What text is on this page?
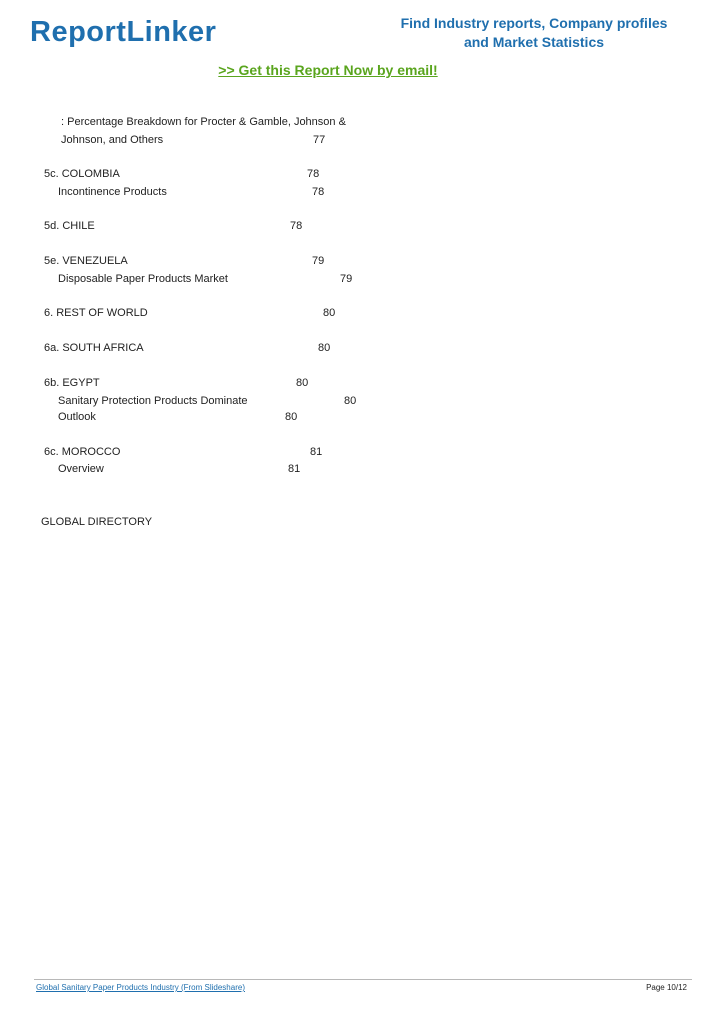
ReportLinker	Find Industry reports, Company profiles
and Market Statistics
>> Get this Report Now by email!
: Percentage Breakdown for Procter & Gamble, Johnson &
Johnson, and Others	77
5c. COLOMBIA	78
Incontinence Products	78
5d. CHILE	78
5e. VENEZUELA	79
Disposable Paper Products Market	79
6. REST OF WORLD	80
6a. SOUTH AFRICA	80
6b. EGYPT	80
Sanitary Protection Products Dominate	80
Outlook	80
6c. MOROCCO	81
Overview	81
GLOBAL DIRECTORY
Global Sanitary Paper Products Industry (From Slideshare)	Page 10/12
